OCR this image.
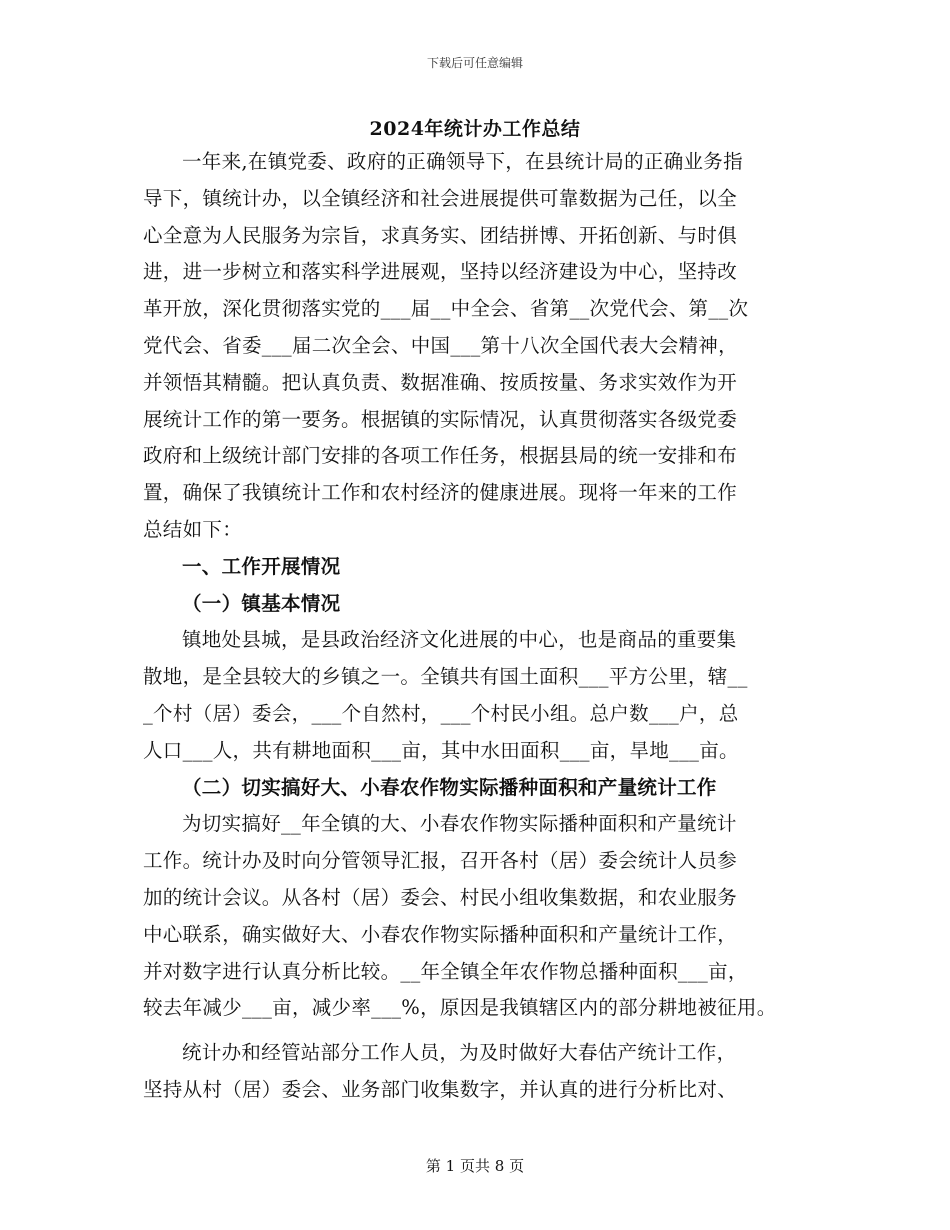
下载后可任意编辑
2024年统计办工作总结
一年来,在镇党委、政府的正确领导下，在县统计局的正确业务指
导下，镇统计办，以全镇经济和社会进展提供可靠数据为己任，以全
心全意为人民服务为宗旨，求真务实、团结拼博、开拓创新、与时俱
进，进一步树立和落实科学进展观，坚持以经济建设为中心，坚持改
革开放，深化贯彻落实党的___届__中全会、省第__次党代会、第__次
党代会、省委___届二次全会、中国___第十八次全国代表大会精神，
并领悟其精髓。把认真负责、数据准确、按质按量、务求实效作为开
展统计工作的第一要务。根据镇的实际情况，认真贯彻落实各级党委
政府和上级统计部门安排的各项工作任务，根据县局的统一安排和布
置，确保了我镇统计工作和农村经济的健康进展。现将一年来的工作
总结如下：
一、工作开展情况
（一）镇基本情况
镇地处县城，是县政治经济文化进展的中心，也是商品的重要集
散地，是全县较大的乡镇之一。全镇共有国土面积___平方公里，辖__
_个村（居）委会，___个自然村，___个村民小组。总户数___户，总
人口___人，共有耕地面积___亩，其中水田面积___亩，旱地___亩。
（二）切实搞好大、小春农作物实际播种面积和产量统计工作
为切实搞好__年全镇的大、小春农作物实际播种面积和产量统计
工作。统计办及时向分管领导汇报，召开各村（居）委会统计人员参
加的统计会议。从各村（居）委会、村民小组收集数据，和农业服务
中心联系，确实做好大、小春农作物实际播种面积和产量统计工作，
并对数字进行认真分析比较。__年全镇全年农作物总播种面积___亩，
较去年减少___亩，减少率___%，原因是我镇辖区内的部分耕地被征用。
统计办和经管站部分工作人员，为及时做好大春估产统计工作，
坚持从村（居）委会、业务部门收集数字，并认真的进行分析比对、
第 1 页共 8 页
